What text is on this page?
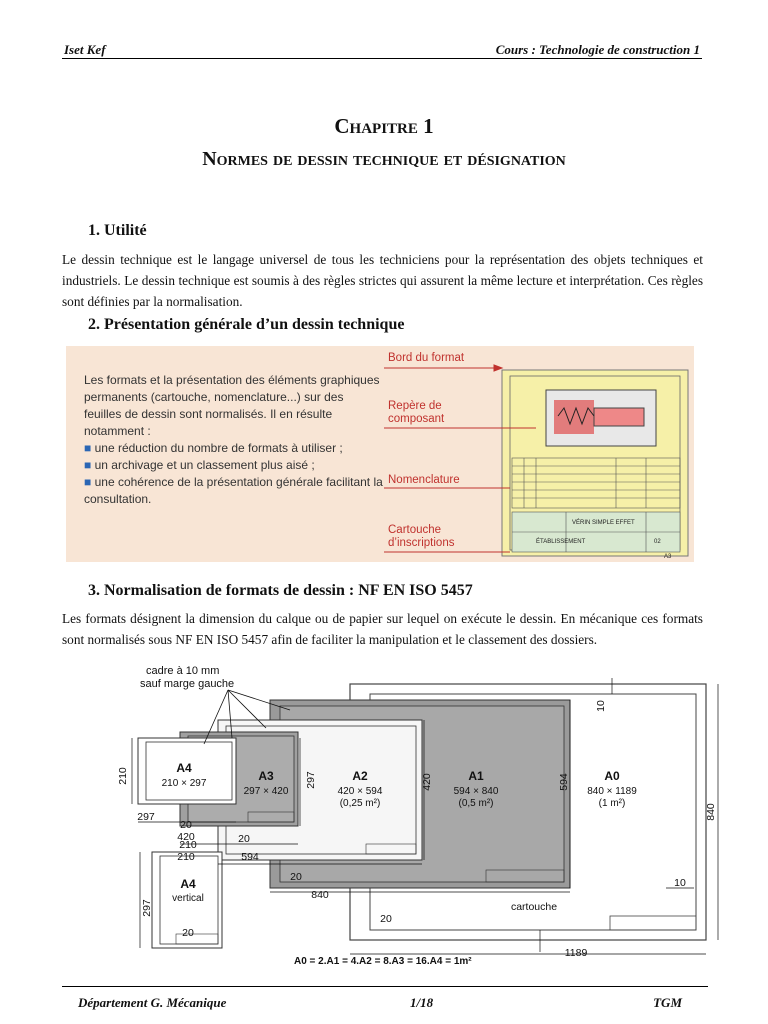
Iset Kef	Cours : Technologie de construction 1
Chapitre 1
Normes de dessin technique et désignation
1. Utilité
Le dessin technique est le langage universel de tous les techniciens pour la représentation des objets techniques et industriels. Le dessin technique est soumis à des règles strictes qui assurent la même lecture et interprétation. Ces règles sont définies par la normalisation.
2. Présentation générale d’un dessin technique
Les formats et la présentation des éléments graphiques permanents (cartouche, nomenclature...) sur des feuilles de dessin sont normalisés. Il en résulte notamment :
■ une réduction du nombre de formats à utiliser ;
■ un archivage et un classement plus aisé ;
■ une cohérence de la présentation générale facilitant la consultation.
VÉRIN SIMPLE EFFET
ÉTABLISSEMENT	02
A3
Bord du format
Repère de composant
Nomenclature
Cartouche d’inscriptions
3. Normalisation de formats de dessin : NF EN ISO 5457
Les formats désignent la dimension du calque ou de papier sur lequel on exécute le dessin. En mécanique ces formats sont normalisés sous NF EN ISO 5457 afin de faciliter la manipulation et le classement des dossiers.
cadre à 10 mm
sauf marge gauche
A4
A3	A2	A1	A0
A4
210 × 297
297 × 420	420 × 594
(0,25 m²)
594 × 840
(0,5 m²)
840 × 1189
(1 m²)
vertical
210	297	420	594
840
297
420
210	594
840
1189
297
210
10
10
20
20
20
20
20
cartouche
A0 = 2.A1 = 4.A2 = 8.A3 = 16.A4 = 1m²
Département G. Mécanique	1/18	TGM
